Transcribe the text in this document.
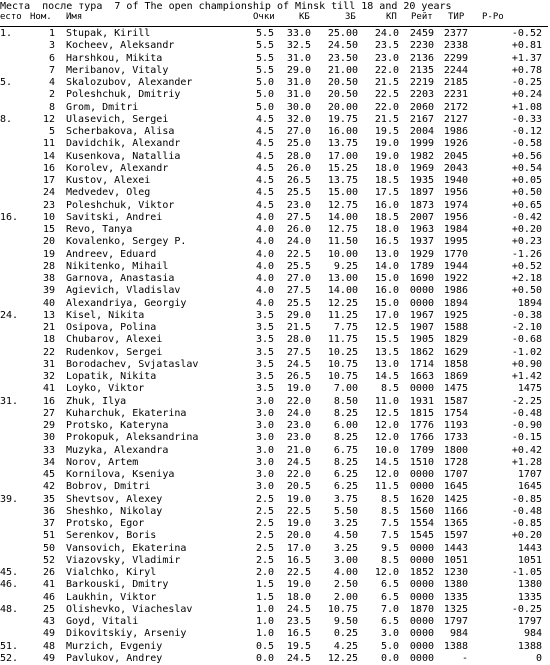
Места  после тура  7 of The open championship of Minsk till 18 and 20 years
есто Ном. Имя	Очки	КБ	ЗБ	КП Рейт ТИР Р-Ро
1.	1 Stupak, Kirill	5.5	33.0	25.00	24.0	2459 2377	-0.52
3 Kocheev, Aleksandr	5.5	32.5	24.50	23.5	2230 2338	+0.81
6 Harshkou, Mikita	5.5	31.0	23.50	23.0	2136 2299	+1.37
7 Meribanov, Vitaly	5.5	29.0	21.00	22.0	2135 2244	+0.78
5.	4 Skalozubov, Alexander	5.0	31.0	20.50	21.5	2219 2185	-0.25
2 Poleshchuk, Dmitriy	5.0	31.0	20.50	22.5	2203 2231	+0.24
8 Grom, Dmitri	5.0	30.0	20.00	22.0	2060 2172	+1.08
8.	12 Ulasevich, Sergei	4.5	32.0	19.75	21.5	2167 2127	-0.33
5 Scherbakova, Alisa	4.5	27.0	16.00	19.5	2004 1986	-0.12
11 Davidchik, Alexandr	4.5	25.0	13.75	19.0	1999 1926	-0.58
14 Kusenkova, Natallia	4.5	28.0	17.00	19.0	1982 2045	+0.56
16 Korolev, Alexandr	4.5	26.0	15.25	18.0	1969 2043	+0.54
17 Kustov, Alexei	4.5	26.5	13.75	18.5	1935 1940	+0.05
24 Medvedev, Oleg	4.5	25.5	15.00	17.5	1897 1956	+0.50
23 Poleshchuk, Viktor	4.5	23.0	12.75	16.0	1873 1974	+0.65
16.	10 Savitski, Andrei	4.0	27.5	14.00	18.5	2007 1956	-0.42
15 Revo, Tanya	4.0	26.0	12.75	18.0	1963 1984	+0.20
20 Kovalenko, Sergey P.	4.0	24.0	11.50	16.5	1937 1995	+0.23
19 Andreev, Eduard	4.0	22.5	10.00	13.0	1929 1770	-1.26
28 Nikitenko, Mihail	4.0	25.5	9.25	14.0	1789 1944	+0.52
38 Garnova, Anastasia	4.0	27.0	13.00	15.0	1690 1922	+2.18
39 Agievich, Vladislav	4.0	27.5	14.00	16.0	0000 1986	+0.50
40 Alexandriya, Georgiy	4.0	25.5	12.25	15.0	0000 1894	1894
24.	13 Kisel, Nikita	3.5	29.0	11.25	17.0	1967 1925	-0.38
21 Osipova, Polina	3.5	21.5	7.75	12.5	1907 1588	-2.10
18 Chubarov, Alexei	3.5	28.0	11.75	15.5	1905 1829	-0.68
22 Rudenkov, Sergei	3.5	27.5	10.25	13.5	1862 1629	-1.02
31 Borodachev, Svjataslav	3.5	24.5	10.75	13.0	1714 1858	+0.90
32 Lopatik, Nikita	3.5	26.5	10.75	14.5	1663 1869	+1.42
41 Loyko, Viktor	3.5	19.0	7.00	8.5	0000 1475	1475
31.	16 Zhuk, Ilya	3.0	22.0	8.50	11.0	1931 1587	-2.25
27 Kuharchuk, Ekaterina	3.0	24.0	8.25	12.5	1815 1754	-0.48
29 Protsko, Kateryna	3.0	23.0	6.00	12.0	1776 1193	-0.90
30 Prokopuk, Aleksandrina	3.0	23.0	8.25	12.0	1766 1733	-0.15
33 Muzyka, Alexandra	3.0	21.0	6.75	10.0	1709 1800	+0.42
34 Norov, Artem	3.0	24.5	8.25	14.5	1510 1728	+1.28
45 Kornilova, Kseniya	3.0	22.0	6.25	12.0	0000 1707	1707
42 Bobrov, Dmitri	3.0	20.5	6.25	11.5	0000 1645	1645
39.	35 Shevtsov, Alexey	2.5	19.0	3.75	8.5	1620 1425	-0.85
36 Sheshko, Nikolay	2.5	22.5	5.50	8.5	1560 1166	-0.48
37 Protsko, Egor	2.5	19.0	3.25	7.5	1554 1365	-0.85
51 Serenkov, Boris	2.5	20.0	4.50	7.5	1545 1597	+0.20
50 Vansovich, Ekaterina	2.5	17.0	3.25	9.5	0000 1443	1443
52 Viazovsky, Vladimir	2.5	16.5	3.00	8.5	0000 1051	1051
45.	26 Vialchko, Kiryl	2.0	22.5	4.00	12.0	1852 1230	-1.05
46.	41 Barkouski, Dmitry	1.5	19.0	2.50	6.5	0000 1380	1380
46 Laukhin, Viktor	1.5	18.0	2.00	6.5	0000 1335	1335
48.	25 Olishevko, Viacheslav	1.0	24.5	10.75	7.0	1870 1325	-0.25
43 Goyd, Vitali	1.0	23.5	9.50	6.5	0000 1797	1797
49 Dikovitskiy, Arseniy	1.0	16.5	0.25	3.0	0000	984	984
51.	48 Murzich, Evgeniy	0.5	19.5	4.25	5.0	0000 1388	1388
52.	49 Pavlukov, Andrey	0.0	24.5	12.25	0.0	0000	-	0
